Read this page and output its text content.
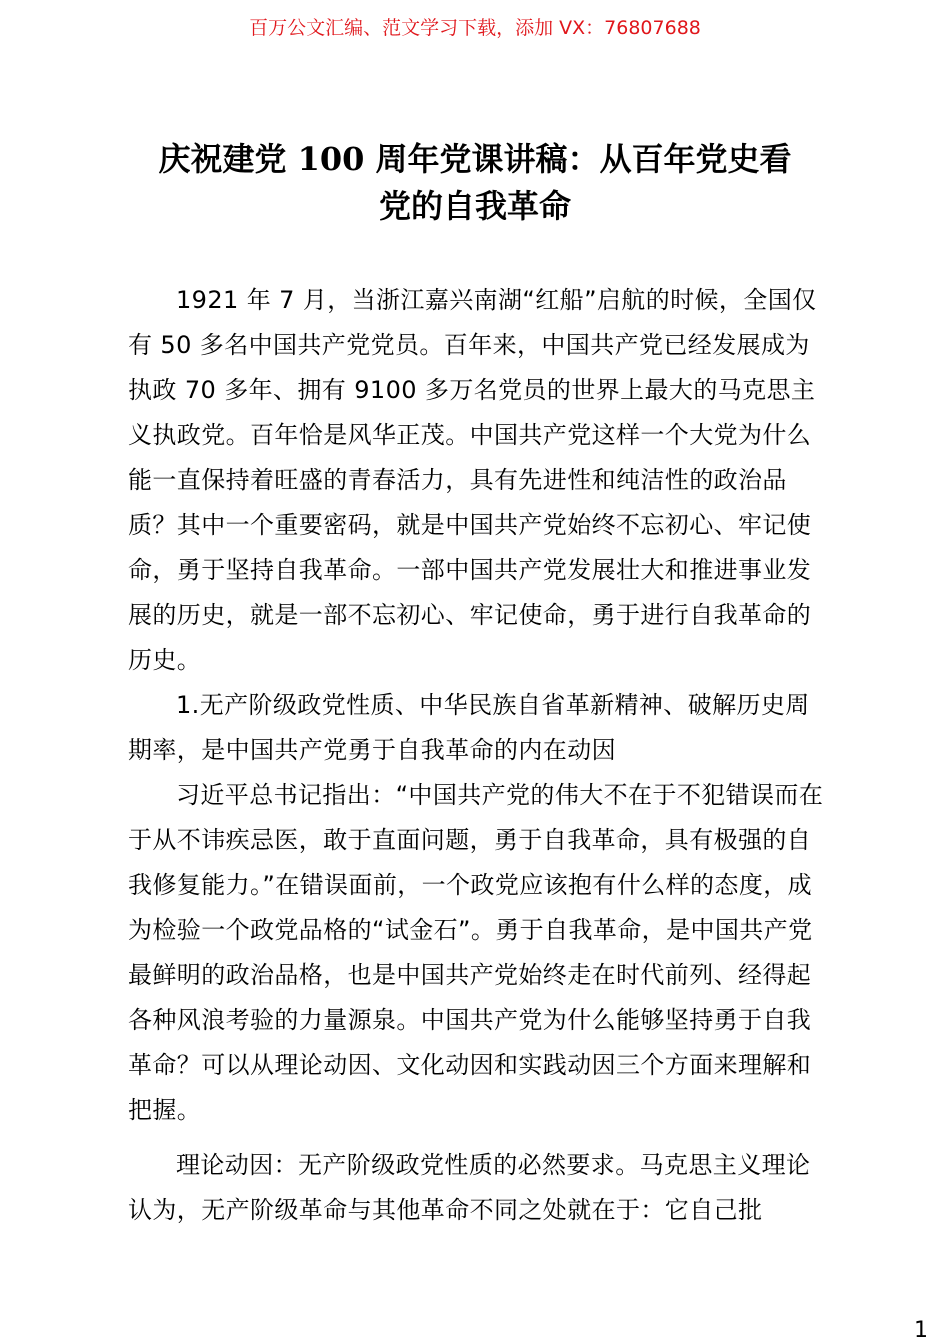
百万公文汇编、范文学习下载，添加 VX：76807688
庆祝建党 100 周年党课讲稿：从百年党史看
党的自我革命

1921 年 7 月，当浙江嘉兴南湖“红船”启航的时候，全国仅有 50 多名中国共产党党员。百年来，中国共产党已经发展成为执政 70 多年、拥有 9100 多万名党员的世界上最大的马克思主义执政党。百年恰是风华正茂。中国共产党这样一个大党为什么能一直保持着旺盛的青春活力，具有先进性和纯洁性的政治品质？其中一个重要密码，就是中国共产党始终不忘初心、牢记使命，勇于坚持自我革命。一部中国共产党发展壮大和推进事业发展的历史，就是一部不忘初心、牢记使命，勇于进行自我革命的历史。

1.无产阶级政党性质、中华民族自省革新精神、破解历史周期率，是中国共产党勇于自我革命的内在动因

习近平总书记指出：“中国共产党的伟大不在于不犯错误而在于从不讳疾忌医，敢于直面问题，勇于自我革命，具有极强的自我修复能力。”在错误面前，一个政党应该抱有什么样的态度，成为检验一个政党品格的“试金石”。勇于自我革命，是中国共产党最鲜明的政治品格，也是中国共产党始终走在时代前列、经得起各种风浪考验的力量源泉。中国共产党为什么能够坚持勇于自我革命？可以从理论动因、文化动因和实践动因三个方面来理解和把握。

理论动因：无产阶级政党性质的必然要求。马克思主义理论认为，无产阶级革命与其他革命不同之处就在于：它自己批

1
